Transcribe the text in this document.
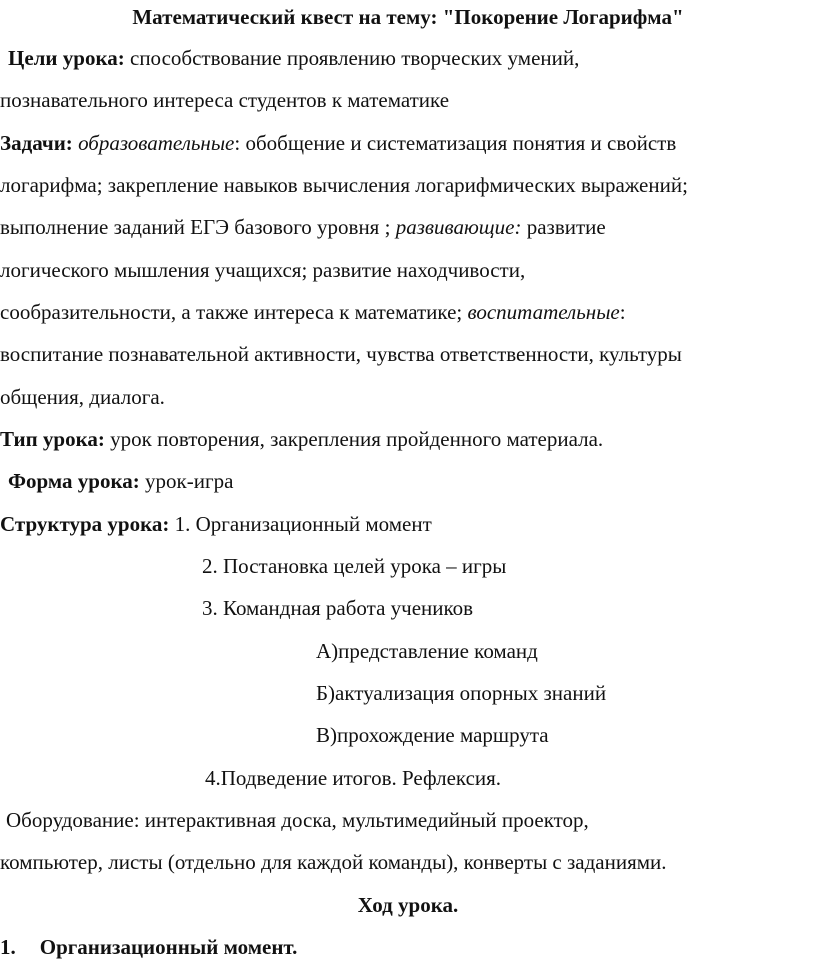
Математический квест на тему: "Покорение Логарифма"
Цели урока: способствование проявлению творческих умений,
познавательного интереса студентов к математике
Задачи: образовательные: обобщение и систематизация понятия и свойств
логарифма; закрепление навыков вычисления логарифмических выражений;
выполнение заданий ЕГЭ базового уровня ; развивающие: развитие
логического мышления учащихся; развитие находчивости,
сообразительности, а также интереса к математике; воспитательные:
воспитание познавательной активности, чувства ответственности, культуры
общения, диалога.
Тип урока: урок повторения, закрепления пройденного материала.
Форма урока: урок-игра
Структура урока: 1. Организационный момент
2. Постановка целей урока – игры
3. Командная работа учеников
А)представление команд
Б)актуализация опорных знаний
В)прохождение маршрута
4.Подведение итогов. Рефлексия.
Оборудование: интерактивная доска, мультимедийный проектор,
компьютер, листы (отдельно для каждой команды), конверты с заданиями.
Ход урока.
1. Организационный момент.
